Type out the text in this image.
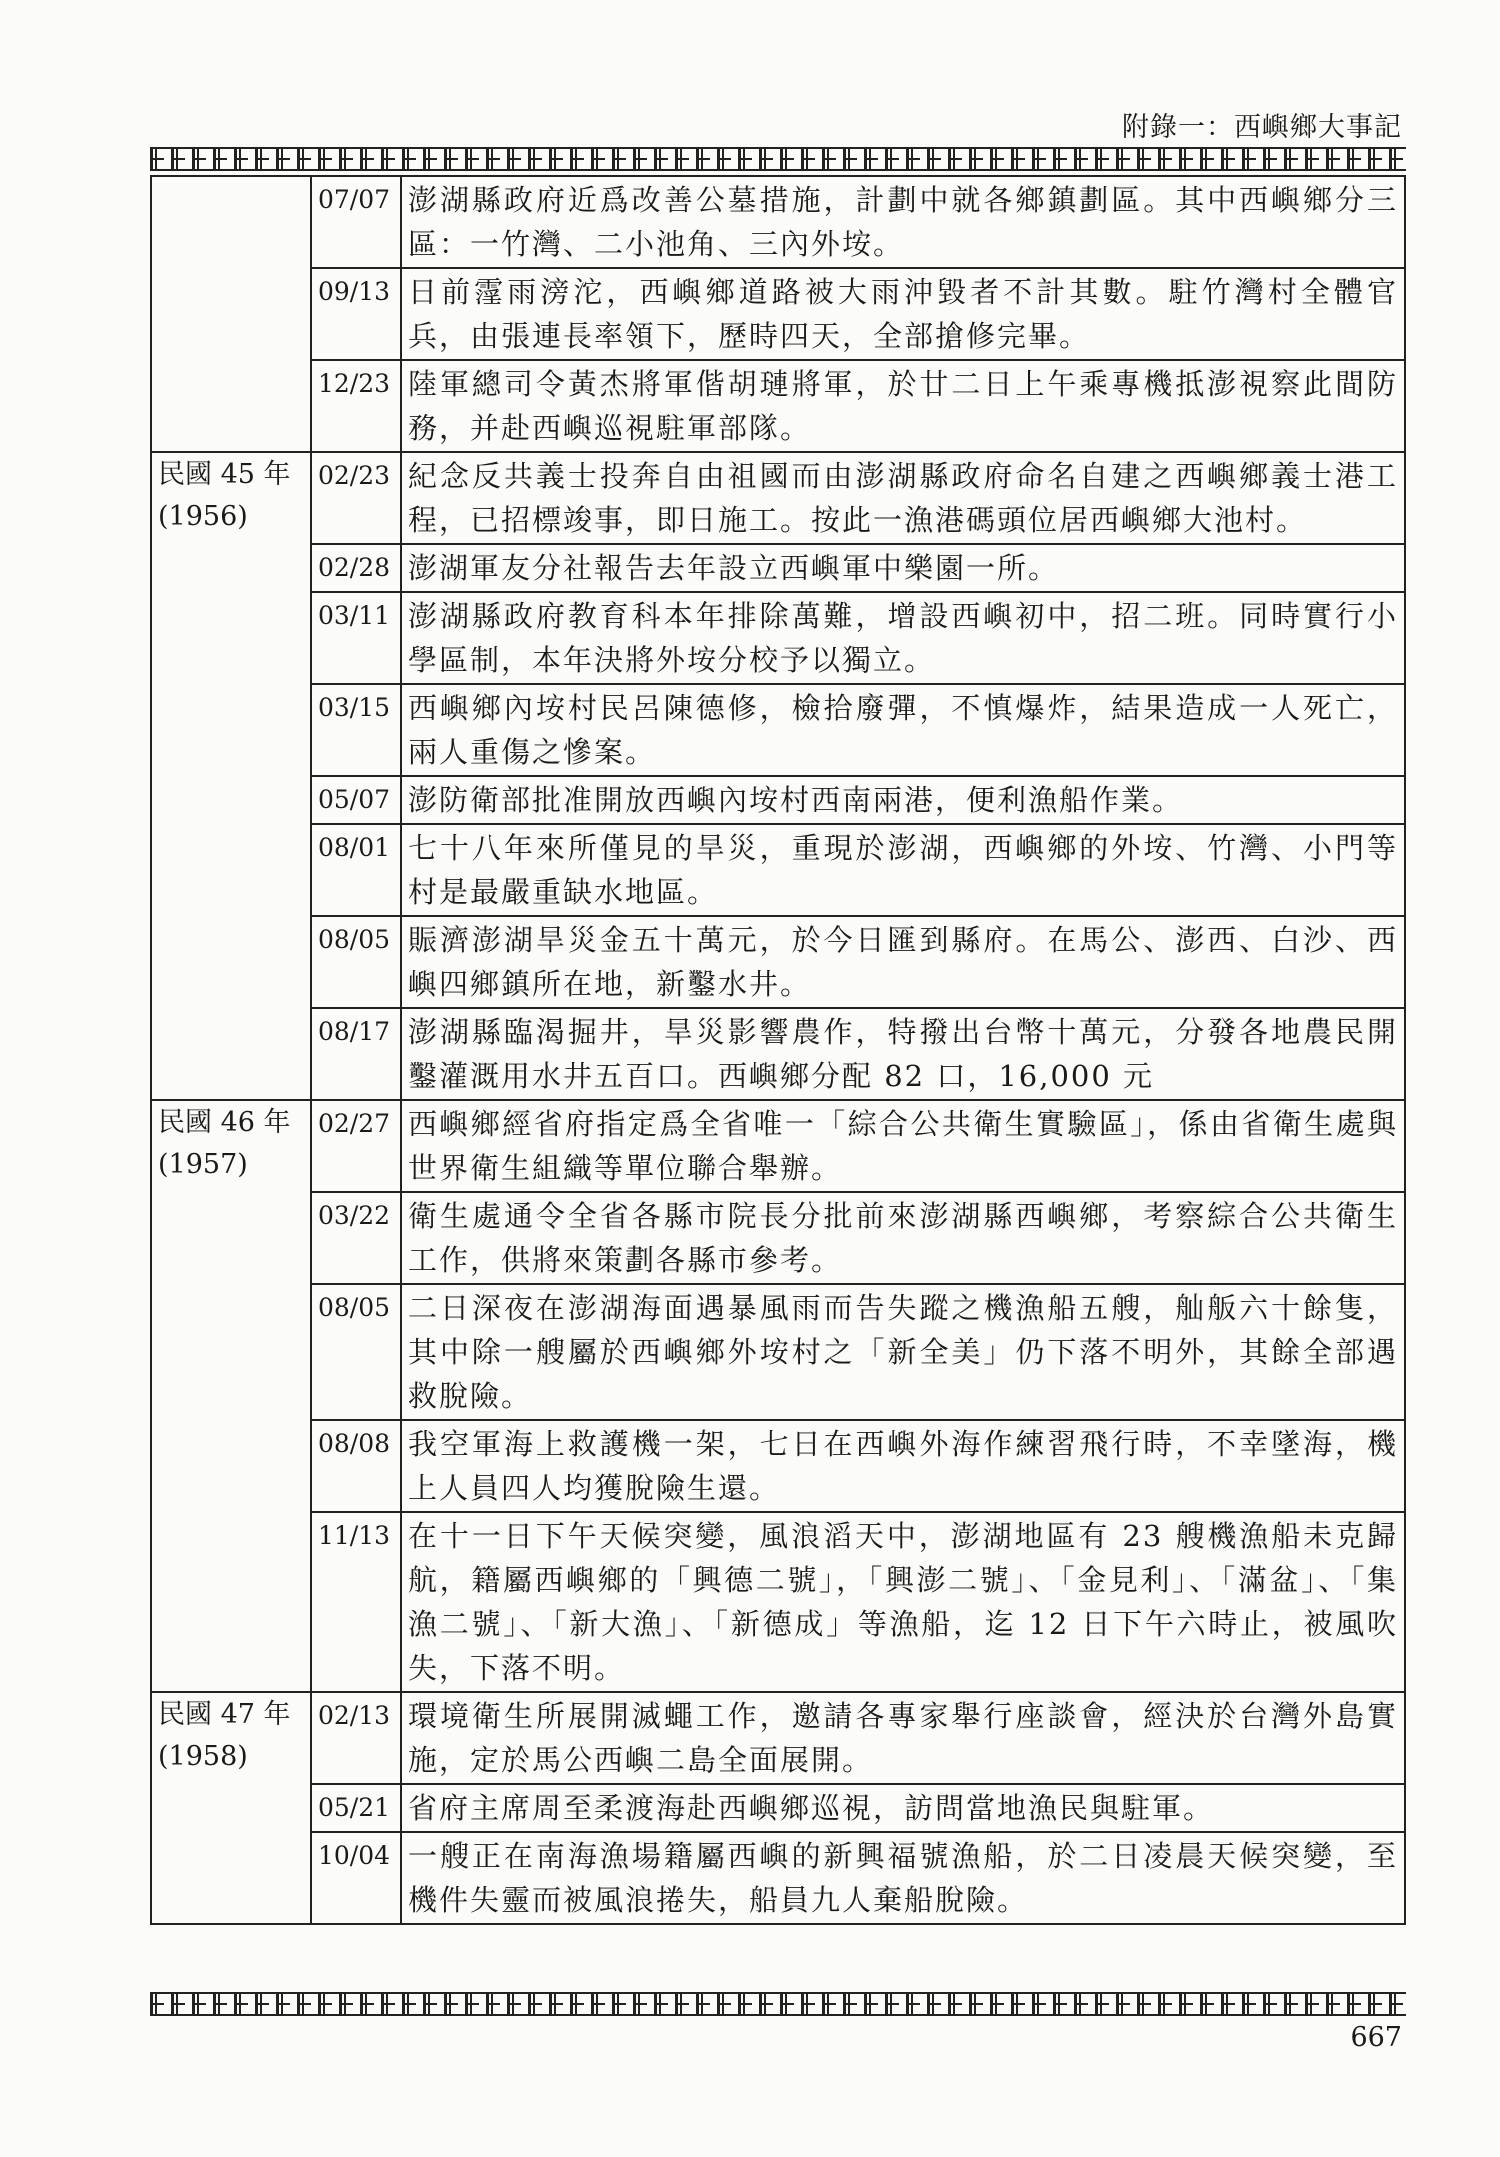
附錄一：西嶼鄉大事記
	07/07	澎湖縣政府近爲改善公墓措施，計劃中就各鄉鎮劃區。其中西嶼鄉分三區：一竹灣、二小池角、三內外垵。
	09/13	日前霪雨滂沱，西嶼鄉道路被大雨沖毀者不計其數。駐竹灣村全體官兵，由張連長率領下，歷時四天，全部搶修完畢。
	12/23	陸軍總司令黃杰將軍偕胡璉將軍，於廿二日上午乘專機抵澎視察此間防務，并赴西嶼巡視駐軍部隊。

民國 45 年
(1956)	02/23	紀念反共義士投奔自由祖國而由澎湖縣政府命名自建之西嶼鄉義士港工程，已招標竣事，即日施工。按此一漁港碼頭位居西嶼鄉大池村。
	02/28	澎湖軍友分社報告去年設立西嶼軍中樂園一所。
	03/11	澎湖縣政府教育科本年排除萬難，增設西嶼初中，招二班。同時實行小學區制，本年決將外垵分校予以獨立。
	03/15	西嶼鄉內垵村民呂陳德修，檢拾廢彈，不慎爆炸，結果造成一人死亡，兩人重傷之慘案。
	05/07	澎防衛部批准開放西嶼內垵村西南兩港，便利漁船作業。
	08/01	七十八年來所僅見的旱災，重現於澎湖，西嶼鄉的外垵、竹灣、小門等村是最嚴重缺水地區。
	08/05	賑濟澎湖旱災金五十萬元，於今日匯到縣府。在馬公、澎西、白沙、西嶼四鄉鎮所在地，新鑿水井。
	08/17	澎湖縣臨渴掘井，旱災影響農作，特撥出台幣十萬元，分發各地農民開鑿灌溉用水井五百口。西嶼鄉分配 82 口，16,000 元

民國 46 年
(1957)	02/27	西嶼鄉經省府指定爲全省唯一「綜合公共衛生實驗區」，係由省衛生處與世界衛生組織等單位聯合舉辦。
	03/22	衛生處通令全省各縣市院長分批前來澎湖縣西嶼鄉，考察綜合公共衛生工作，供將來策劃各縣市參考。
	08/05	二日深夜在澎湖海面遇暴風雨而告失蹤之機漁船五艘，舢舨六十餘隻，其中除一艘屬於西嶼鄉外垵村之「新全美」仍下落不明外，其餘全部遇救脫險。
	08/08	我空軍海上救護機一架，七日在西嶼外海作練習飛行時，不幸墜海，機上人員四人均獲脫險生還。
	11/13	在十一日下午天候突變，風浪滔天中，澎湖地區有 23 艘機漁船未克歸航，籍屬西嶼鄉的「興德二號」，「興澎二號」、「金見利」、「滿盆」、「集漁二號」、「新大漁」、「新德成」等漁船，迄 12 日下午六時止，被風吹失，下落不明。

民國 47 年
(1958)	02/13	環境衛生所展開滅蠅工作，邀請各專家舉行座談會，經決於台灣外島實施，定於馬公西嶼二島全面展開。
	05/21	省府主席周至柔渡海赴西嶼鄉巡視，訪問當地漁民與駐軍。
	10/04	一艘正在南海漁場籍屬西嶼的新興福號漁船，於二日凌晨天候突變，至機件失靈而被風浪捲失，船員九人棄船脫險。
667
